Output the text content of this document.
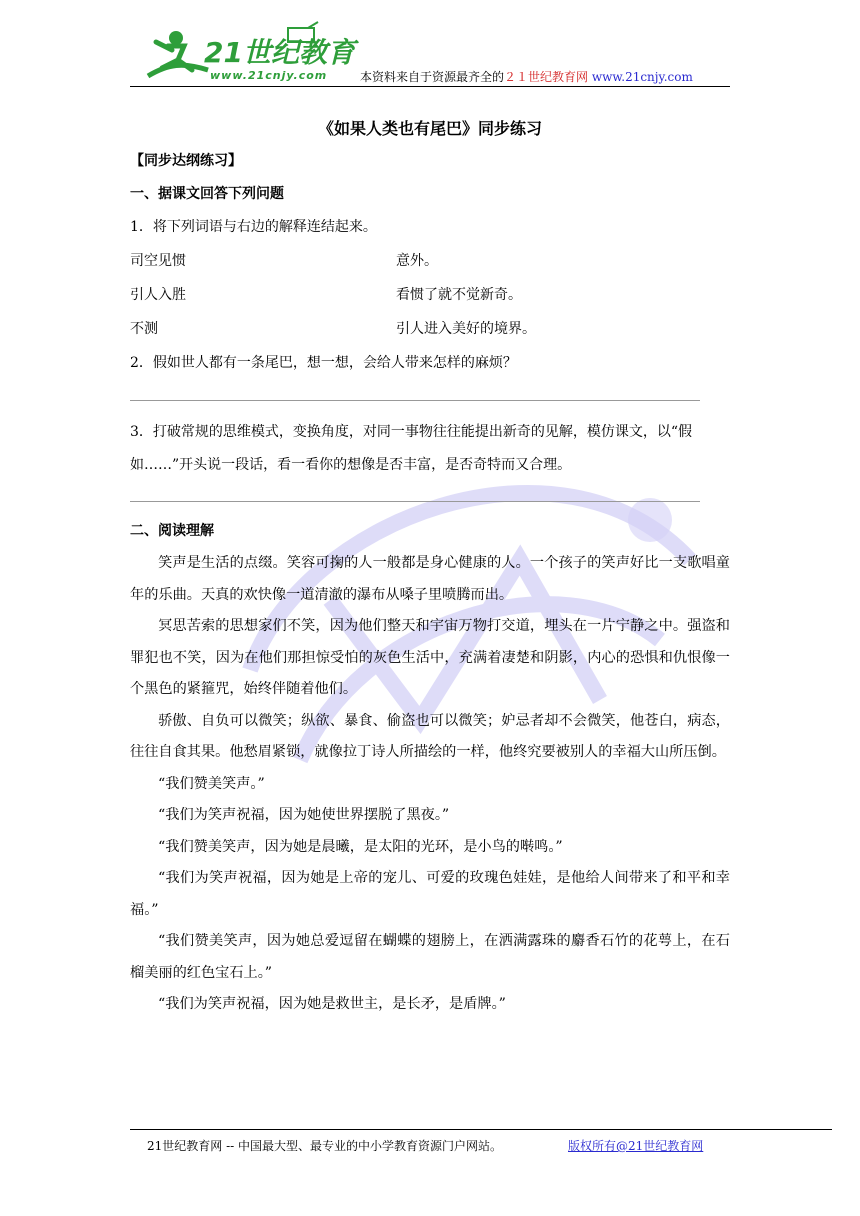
21世纪教育
www.21cnjy.com	本资料来自于资源最齐全的２１世纪教育网 www.21cnjy.com
《如果人类也有尾巴》同步练习
【同步达纲练习】
一、据课文回答下列问题
1．将下列词语与右边的解释连结起来。
司空见惯	意外。
引人入胜	看惯了就不觉新奇。
不测	引人进入美好的境界。
2．假如世人都有一条尾巴，想一想，会给人带来怎样的麻烦？
3．打破常规的思维模式，变换角度，对同一事物往往能提出新奇的见解，模仿课文，以“假
如……”开头说一段话，看一看你的想像是否丰富，是否奇特而又合理。
二、阅读理解
笑声是生活的点缀。笑容可掬的人一般都是身心健康的人。一个孩子的笑声好比一支歌唱童年的乐曲。天真的欢快像一道清澈的瀑布从嗓子里喷腾而出。
冥思苦索的思想家们不笑，因为他们整天和宇宙万物打交道，埋头在一片宁静之中。强盗和罪犯也不笑，因为在他们那担惊受怕的灰色生活中，充满着凄楚和阴影，内心的恐惧和仇恨像一个黑色的紧箍咒，始终伴随着他们。
骄傲、自负可以微笑；纵欲、暴食、偷盗也可以微笑；妒忌者却不会微笑，他苍白，病态，往往自食其果。他愁眉紧锁，就像拉丁诗人所描绘的一样，他终究要被别人的幸福大山所压倒。
“我们赞美笑声。”
“我们为笑声祝福，因为她使世界摆脱了黑夜。”
“我们赞美笑声，因为她是晨曦，是太阳的光环，是小鸟的啭鸣。”
“我们为笑声祝福，因为她是上帝的宠儿、可爱的玫瑰色娃娃，是他给人间带来了和平和幸福。”
“我们赞美笑声，因为她总爱逗留在蝴蝶的翅膀上，在洒满露珠的麝香石竹的花萼上，在石榴美丽的红色宝石上。”
“我们为笑声祝福，因为她是救世主，是长矛，是盾牌。”
21世纪教育网 -- 中国最大型、最专业的中小学教育资源门户网站。	版权所有@21世纪教育网
